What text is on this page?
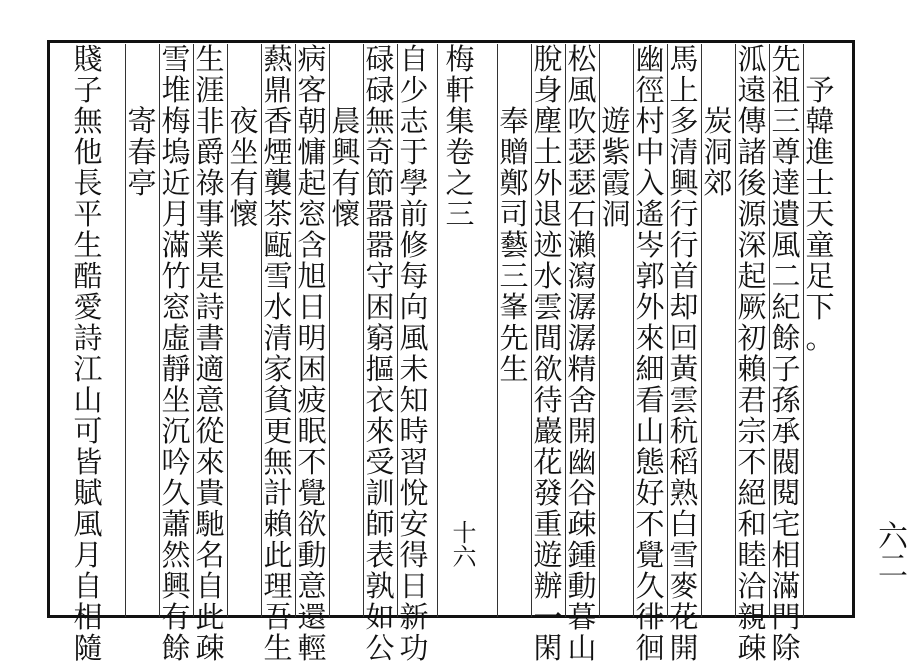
予
韓
進
士
天
童
足
下
。
先
祖
三
尊
達
遺
風
二
紀
餘
子
孫
承
閥
閱
宅
相
滿
門
除
泒
遠
傳
諸
後
源
深
起
厥
初
賴
君
宗
不
絕
和
睦
洽
親
疎
炭
洞
郊
馬
上
多
清
興
行
行
首
却
回
黃
雲
秔
稻
熟
白
雪
麥
花
開
幽
徑
村
中
入
遙
岑
郭
外
來
細
看
山
態
好
不
覺
久
徘
徊
遊
紫
霞
洞
松
風
吹
瑟
瑟
石
瀨
瀉
潺
潺
精
舍
開
幽
谷
疎
鍾
動
暮
山
脫
身
塵
土
外
退
迹
水
雲
間
欲
待
巖
花
發
重
遊
辦
一
閑
奉
贈
鄭
司
藝
三
峯
先
生
梅
軒
集
卷
之
三
自
少
志
于
學
前
修
每
向
風
未
知
時
習
悅
安
得
日
新
功
碌
碌
無
奇
節
嚣
嚣
守
困
窮
摳
衣
來
受
訓
師
表
孰
如
公
晨
興
有
懷
病
客
朝
慵
起
窓
含
旭
日
明
困
疲
眠
不
覺
欲
動
意
還
輕
爇
鼎
香
煙
襲
茶
甌
雪
水
清
家
貧
更
無
計
賴
此
理
吾
生
夜
坐
有
懷
生
涯
非
爵
祿
事
業
是
詩
書
適
意
從
來
貴
馳
名
自
此
疎
雪
堆
梅
塢
近
月
滿
竹
窓
虛
靜
坐
沉
吟
久
蕭
然
興
有
餘
寄
春
亭
賤
子
無
他
長
平
生
酷
愛
詩
江
山
可
皆
賦
風
月
自
相
隨
十六	六二
